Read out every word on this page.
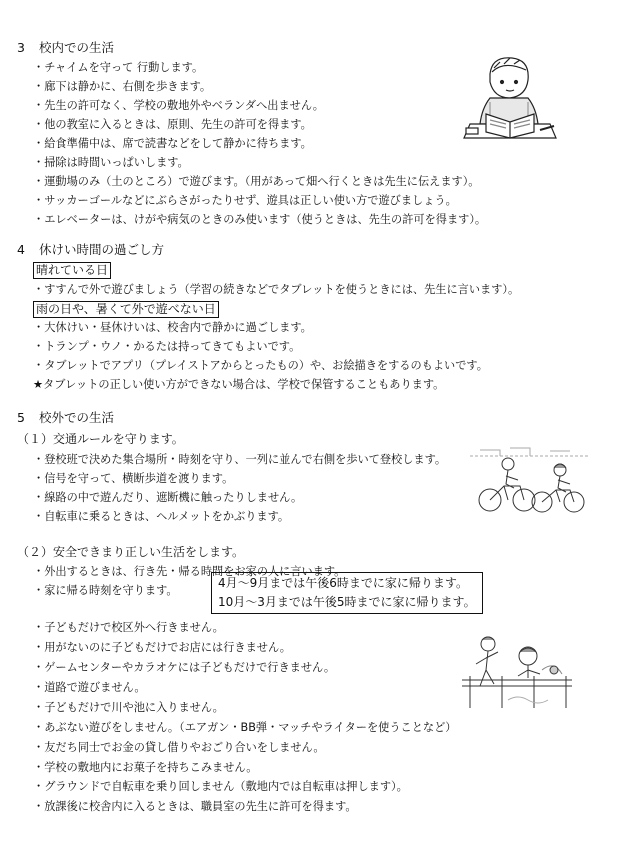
3 校内での生活
・チャイムを守って 行動します。
・廊下は静かに、右側を歩きます。
・先生の許可なく、学校の敷地外やベランダへ出ません。
・他の教室に入るときは、原則、先生の許可を得ます。
・給食準備中は、席で読書などをして静かに待ちます。
・掃除は時間いっぱいします。
・運動場のみ（土のところ）で遊びます。（用があって畑へ行くときは先生に伝えます）。
・サッカーゴールなどにぶらさがったりせず、遊具は正しい使い方で遊びましょう。
・エレベーターは、けがや病気のときのみ使います（使うときは、先生の許可を得ます）。
4 休けい時間の過ごし方
晴れている日
・すすんで外で遊びましょう（学習の続きなどでタブレットを使うときには、先生に言います）。
雨の日や、暑くて外で遊べない日
・大休けい・昼休けいは、校舎内で静かに過ごします。
・トランプ・ウノ・かるたは持ってきてもよいです。
・タブレットでアプリ（プレイストアからとったもの）や、お絵描きをするのもよいです。
★タブレットの正しい使い方ができない場合は、学校で保管することもあります。
5 校外での生活
（１）交通ルールを守ります。
・登校班で決めた集合場所・時刻を守り、一列に並んで右側を歩いて登校します。
・信号を守って、横断歩道を渡ります。
・線路の中で遊んだり、遮断機に触ったりしません。
・自転車に乗るときは、ヘルメットをかぶります。
（２）安全できまり正しい生活をします。
・外出するときは、行き先・帰る時間をお家の人に言います。
・家に帰る時刻を守ります。
4月～9月までは午後6時までに家に帰ります。
10月～3月までは午後5時までに家に帰ります。
・子どもだけで校区外へ行きません。
・用がないのに子どもだけでお店には行きません。
・ゲームセンターやカラオケには子どもだけで行きません。
・道路で遊びません。
・子どもだけで川や池に入りません。
・あぶない遊びをしません。（エアガン・BB弾・マッチやライターを使うことなど）
・友だち同士でお金の貸し借りやおごり合いをしません。
・学校の敷地内にお菓子を持ちこみません。
・グラウンドで自転車を乗り回しません（敷地内では自転車は押します）。
・放課後に校舎内に入るときは、職員室の先生に許可を得ます。
